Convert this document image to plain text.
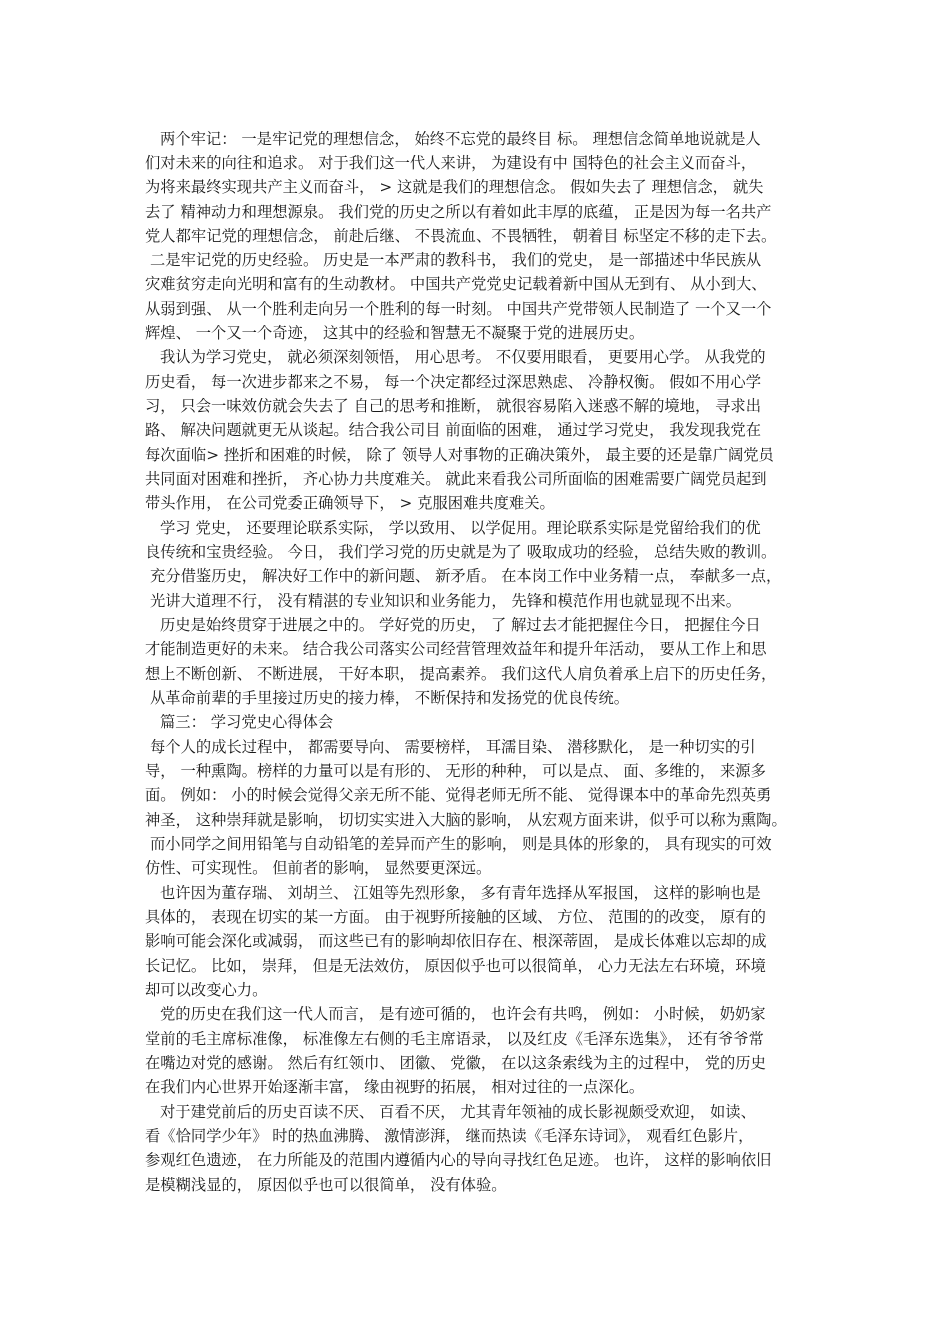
两个牢记： 一是牢记党的理想信念， 始终不忘党的最终目 标。 理想信念简单地说就是人

们对未来的向往和追求。 对于我们这一代人来讲， 为建设有中 国特色的社会主义而奋斗，

为将来最终实现共产主义而奋斗， > 这就是我们的理想信念。 假如失去了 理想信念， 就失

去了 精神动力和理想源泉。 我们党的历史之所以有着如此丰厚的底蕴， 正是因为每一名共产

党人都牢记党的理想信念， 前赴后继、 不畏流血、不畏牺牲， 朝着目 标坚定不移的走下去。

二是牢记党的历史经验。 历史是一本严肃的教科书， 我们的党史， 是一部描述中华民族从

灾难贫穷走向光明和富有的生动教材。 中国共产党党史记载着新中国从无到有、 从小到大、

从弱到强、 从一个胜利走向另一个胜利的每一时刻。 中国共产党带领人民制造了 一个又一个

辉煌、 一个又一个奇迹， 这其中的经验和智慧无不凝聚于党的进展历史。

我认为学习党史， 就必须深刻领悟， 用心思考。 不仅要用眼看， 更要用心学。 从我党的

历史看， 每一次进步都来之不易， 每一个决定都经过深思熟虑、 冷静权衡。 假如不用心学

习， 只会一味效仿就会失去了 自己的思考和推断， 就很容易陷入迷惑不解的境地， 寻求出

路、 解决问题就更无从谈起。结合我公司目 前面临的困难， 通过学习党史， 我发现我党在

每次面临> 挫折和困难的时候， 除了 领导人对事物的正确决策外， 最主要的还是靠广阔党员

共同面对困难和挫折， 齐心协力共度难关。 就此来看我公司所面临的困难需要广阔党员起到

带头作用， 在公司党委正确领导下， > 克服困难共度难关。

学习 党史， 还要理论联系实际， 学以致用、 以学促用。理论联系实际是党留给我们的优

良传统和宝贵经验。 今日， 我们学习党的历史就是为了 吸取成功的经验， 总结失败的教训。

充分借鉴历史， 解决好工作中的新问题、 新矛盾。 在本岗工作中业务精一点， 奉献多一点，

光讲大道理不行， 没有精湛的专业知识和业务能力， 先锋和模范作用也就显现不出来。

历史是始终贯穿于进展之中的。 学好党的历史， 了 解过去才能把握住今日， 把握住今日

才能制造更好的未来。 结合我公司落实公司经营管理效益年和提升年活动， 要从工作上和思

想上不断创新、 不断进展， 干好本职， 提高素养。 我们这代人肩负着承上启下的历史任务，

从革命前辈的手里接过历史的接力棒， 不断保持和发扬党的优良传统。

篇三： 学习党史心得体会

每个人的成长过程中， 都需要导向、 需要榜样， 耳濡目染、 潜移默化， 是一种切实的引

导， 一种熏陶。榜样的力量可以是有形的、 无形的种种， 可以是点、 面、多维的， 来源多

面。 例如： 小的时候会觉得父亲无所不能、觉得老师无所不能、 觉得课本中的革命先烈英勇

神圣， 这种崇拜就是影响， 切切实实进入大脑的影响， 从宏观方面来讲，似乎可以称为熏陶。

而小同学之间用铅笔与自动铅笔的差异而产生的影响， 则是具体的形象的， 具有现实的可效

仿性、可实现性。 但前者的影响， 显然要更深远。

也许因为董存瑞、 刘胡兰、 江姐等先烈形象， 多有青年选择从军报国， 这样的影响也是

具体的， 表现在切实的某一方面。 由于视野所接触的区域、 方位、 范围的的改变， 原有的

影响可能会深化或减弱， 而这些已有的影响却依旧存在、根深蒂固， 是成长体难以忘却的成

长记忆。 比如， 崇拜， 但是无法效仿， 原因似乎也可以很简单， 心力无法左右环境，环境

却可以改变心力。

党的历史在我们这一代人而言， 是有迹可循的， 也许会有共鸣， 例如： 小时候， 奶奶家

堂前的毛主席标准像， 标准像左右侧的毛主席语录， 以及红皮《毛泽东选集》， 还有爷爷常

在嘴边对党的感谢。 然后有红领巾、 团徽、 党徽， 在以这条索线为主的过程中， 党的历史

在我们内心世界开始逐渐丰富， 缘由视野的拓展， 相对过往的一点深化。

对于建党前后的历史百读不厌、 百看不厌， 尤其青年领袖的成长影视颇受欢迎， 如读、

看《恰同学少年》 时的热血沸腾、 激情澎湃， 继而热读《毛泽东诗词》， 观看红色影片，

参观红色遗迹， 在力所能及的范围内遵循内心的导向寻找红色足迹。 也许， 这样的影响依旧

是模糊浅显的， 原因似乎也可以很简单， 没有体验。
